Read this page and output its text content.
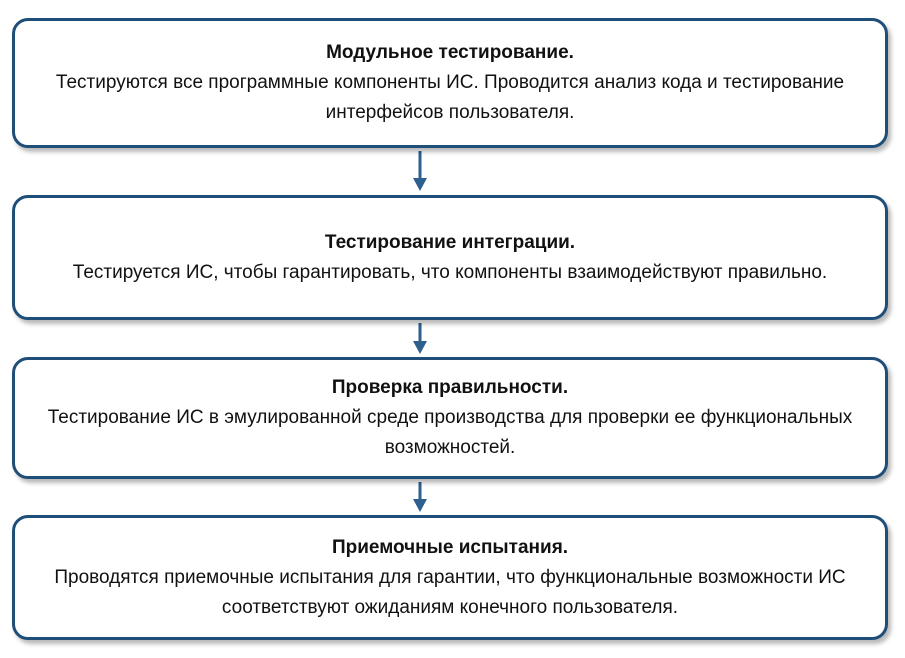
Модульное тестирование.
Тестируются все программные компоненты ИС. Проводится анализ кода и тестирование интерфейсов пользователя.
Тестирование интеграции.
Тестируется ИС, чтобы гарантировать, что компоненты взаимодействуют правильно.
Проверка правильности.
Тестирование ИС в эмулированной среде производства для проверки ее функциональных возможностей.
Приемочные испытания.
Проводятся приемочные испытания для гарантии, что функциональные возможности ИС соответствуют ожиданиям конечного пользователя.
